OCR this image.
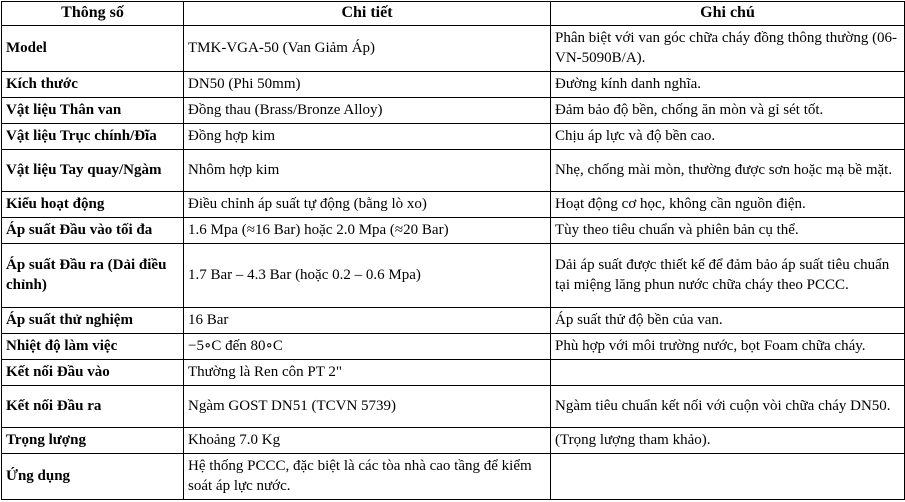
Thông số	Chi tiết	Ghi chú
Model	TMK-VGA-50 (Van Giảm Áp)	Phân biệt với van góc chữa cháy đồng thông thường (06-VN-5090B/A).
Kích thước	DN50 (Phi 50mm)	Đường kính danh nghĩa.
Vật liệu Thân van	Đồng thau (Brass/Bronze Alloy)	Đảm bảo độ bền, chống ăn mòn và gỉ sét tốt.
Vật liệu Trục chính/Đĩa	Đồng hợp kim	Chịu áp lực và độ bền cao.
Vật liệu Tay quay/Ngàm	Nhôm hợp kim	Nhẹ, chống mài mòn, thường được sơn hoặc mạ bề mặt.
Kiểu hoạt động	Điều chỉnh áp suất tự động (bằng lò xo)	Hoạt động cơ học, không cần nguồn điện.
Áp suất Đầu vào tối đa	1.6 Mpa (≈16 Bar) hoặc 2.0 Mpa (≈20 Bar)	Tùy theo tiêu chuẩn và phiên bản cụ thể.
Áp suất Đầu ra (Dải điều chỉnh)	1.7 Bar – 4.3 Bar (hoặc 0.2 – 0.6 Mpa)	Dải áp suất được thiết kế để đảm bảo áp suất tiêu chuẩn tại miệng lăng phun nước chữa cháy theo PCCC.
Áp suất thử nghiệm	16 Bar	Áp suất thử độ bền của van.
Nhiệt độ làm việc	−5∘C đến 80∘C	Phù hợp với môi trường nước, bọt Foam chữa cháy.
Kết nối Đầu vào	Thường là Ren côn PT 2"	
Kết nối Đầu ra	Ngàm GOST DN51 (TCVN 5739)	Ngàm tiêu chuẩn kết nối với cuộn vòi chữa cháy DN50.
Trọng lượng	Khoảng 7.0 Kg	(Trọng lượng tham khảo).
Ứng dụng	Hệ thống PCCC, đặc biệt là các tòa nhà cao tầng để kiểm soát áp lực nước.	
